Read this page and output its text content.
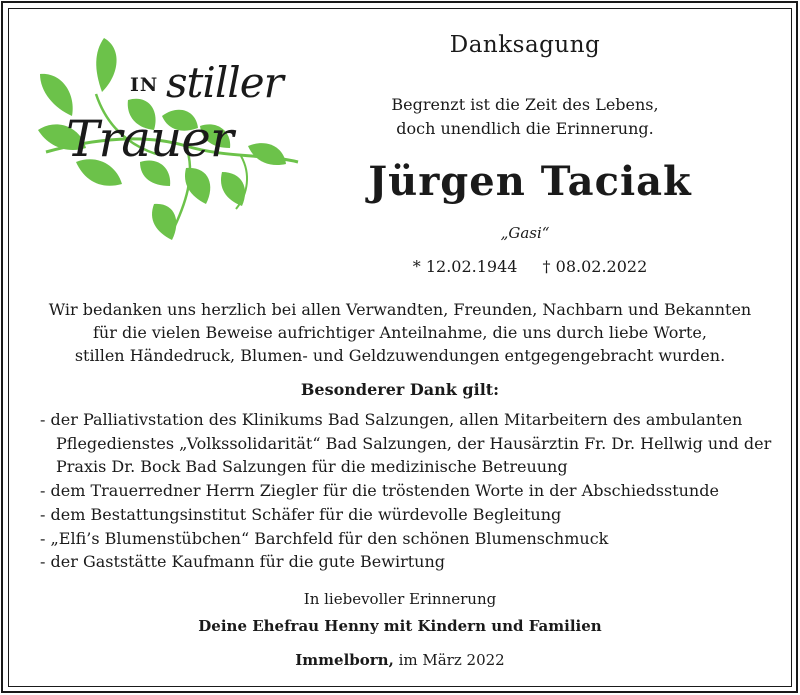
IN stiller
Trauer
Danksagung
Begrenzt ist die Zeit des Lebens,
doch unendlich die Erinnerung.
Jürgen Taciak
„Gasi“
* 12.02.1944 † 08.02.2022
Wir bedanken uns herzlich bei allen Verwandten, Freunden, Nachbarn und Bekannten
für die vielen Beweise aufrichtiger Anteilnahme, die uns durch liebe Worte,
stillen Händedruck, Blumen- und Geldzuwendungen entgegengebracht wurden.
Besonderer Dank gilt:
- der Palliativstation des Klinikums Bad Salzungen, allen Mitarbeitern des ambulanten
Pflegedienstes „Volkssolidarität“ Bad Salzungen, der Hausärztin Fr. Dr. Hellwig und der
Praxis Dr. Bock Bad Salzungen für die medizinische Betreuung
- dem Trauerredner Herrn Ziegler für die tröstenden Worte in der Abschiedsstunde
- dem Bestattungsinstitut Schäfer für die würdevolle Begleitung
- „Elfi’s Blumenstübchen“ Barchfeld für den schönen Blumenschmuck
- der Gaststätte Kaufmann für die gute Bewirtung
In liebevoller Erinnerung
Deine Ehefrau Henny mit Kindern und Familien
Immelborn, im März 2022
